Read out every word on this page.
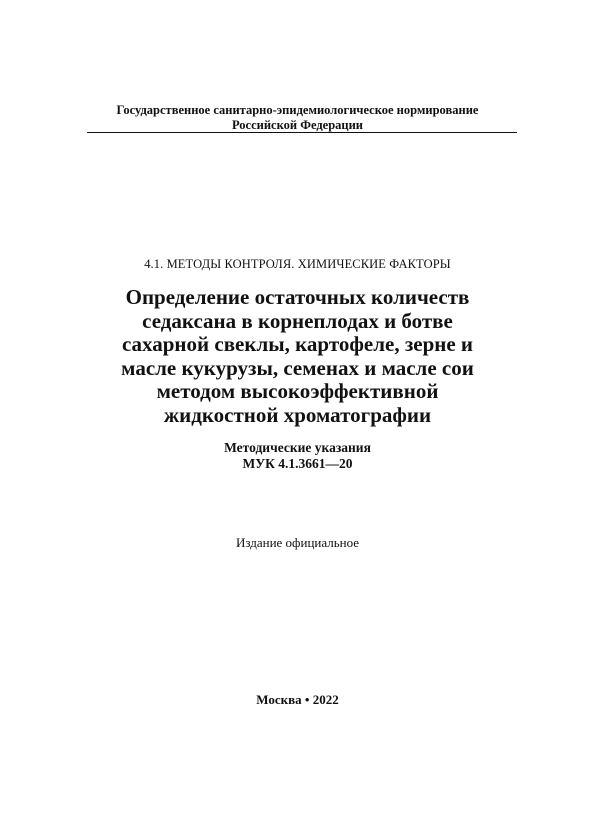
Государственное санитарно-эпидемиологическое нормирование
Российской Федерации
4.1. МЕТОДЫ КОНТРОЛЯ. ХИМИЧЕСКИЕ ФАКТОРЫ
Определение остаточных количеств
седаксана в корнеплодах и ботве
сахарной свеклы, картофеле, зерне и
масле кукурузы, семенах и масле сои
методом высокоэффективной
жидкостной хроматографии
Методические указания
МУК 4.1.3661—20
Издание официальное
Москва • 2022
